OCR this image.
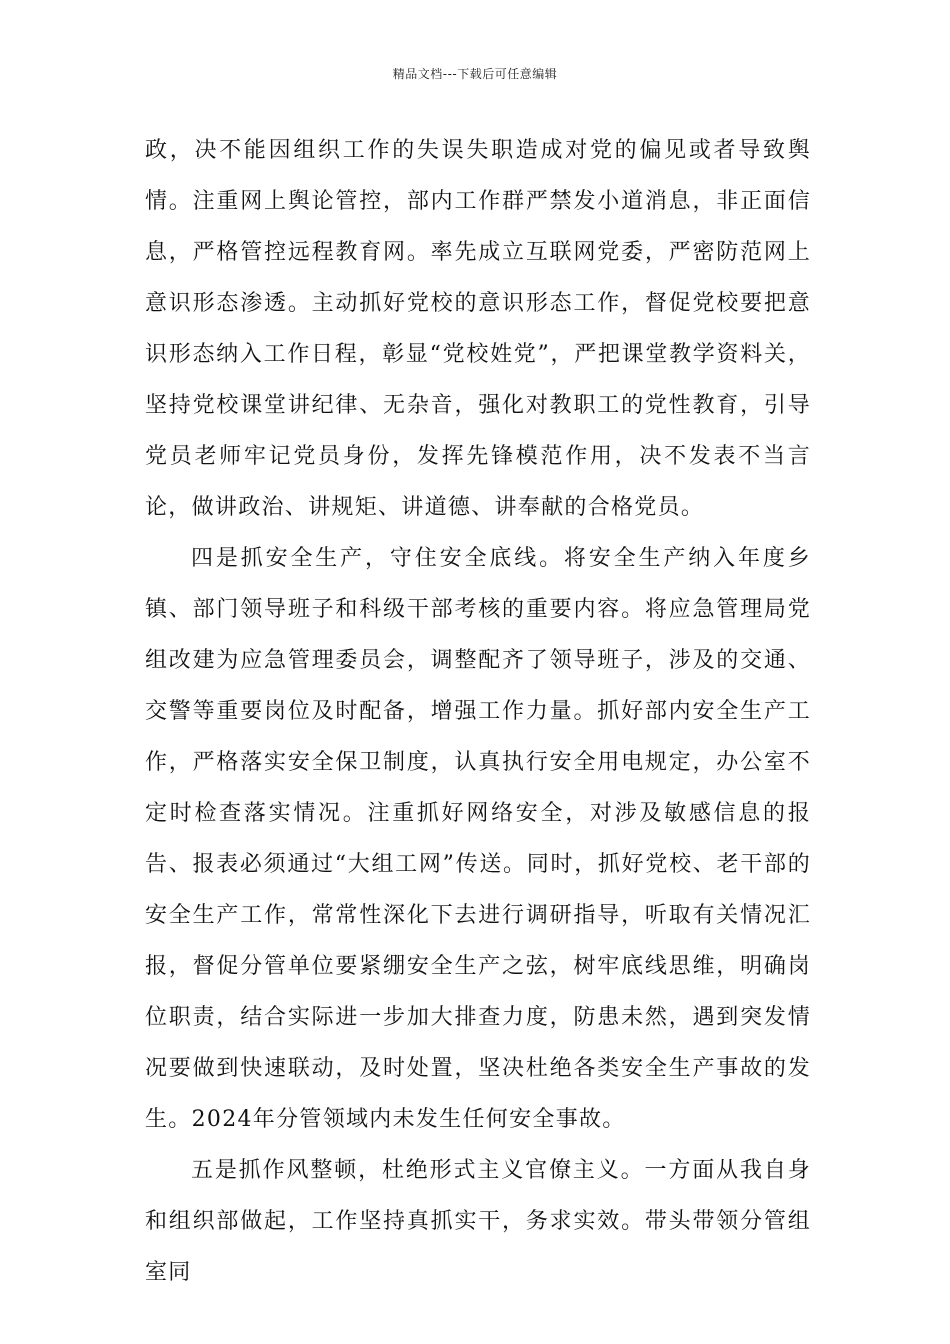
精品文档---下载后可任意编辑

政，决不能因组织工作的失误失职造成对党的偏见或者导致舆情。注重网上舆论管控，部内工作群严禁发小道消息，非正面信息，严格管控远程教育网。率先成立互联网党委，严密防范网上意识形态渗透。主动抓好党校的意识形态工作，督促党校要把意识形态纳入工作日程，彰显“党校姓党”，严把课堂教学资料关，坚持党校课堂讲纪律、无杂音，强化对教职工的党性教育，引导党员老师牢记党员身份，发挥先锋模范作用，决不发表不当言论，做讲政治、讲规矩、讲道德、讲奉献的合格党员。

四是抓安全生产，守住安全底线。将安全生产纳入年度乡镇、部门领导班子和科级干部考核的重要内容。将应急管理局党组改建为应急管理委员会，调整配齐了领导班子，涉及的交通、交警等重要岗位及时配备，增强工作力量。抓好部内安全生产工作，严格落实安全保卫制度，认真执行安全用电规定，办公室不定时检查落实情况。注重抓好网络安全，对涉及敏感信息的报告、报表必须通过“大组工网”传送。同时，抓好党校、老干部的安全生产工作，常常性深化下去进行调研指导，听取有关情况汇报，督促分管单位要紧绷安全生产之弦，树牢底线思维，明确岗位职责，结合实际进一步加大排查力度，防患未然，遇到突发情况要做到快速联动，及时处置，坚决杜绝各类安全生产事故的发生。2024年分管领域内未发生任何安全事故。

五是抓作风整顿，杜绝形式主义官僚主义。一方面从我自身和组织部做起，工作坚持真抓实干，务求实效。带头带领分管组室同
